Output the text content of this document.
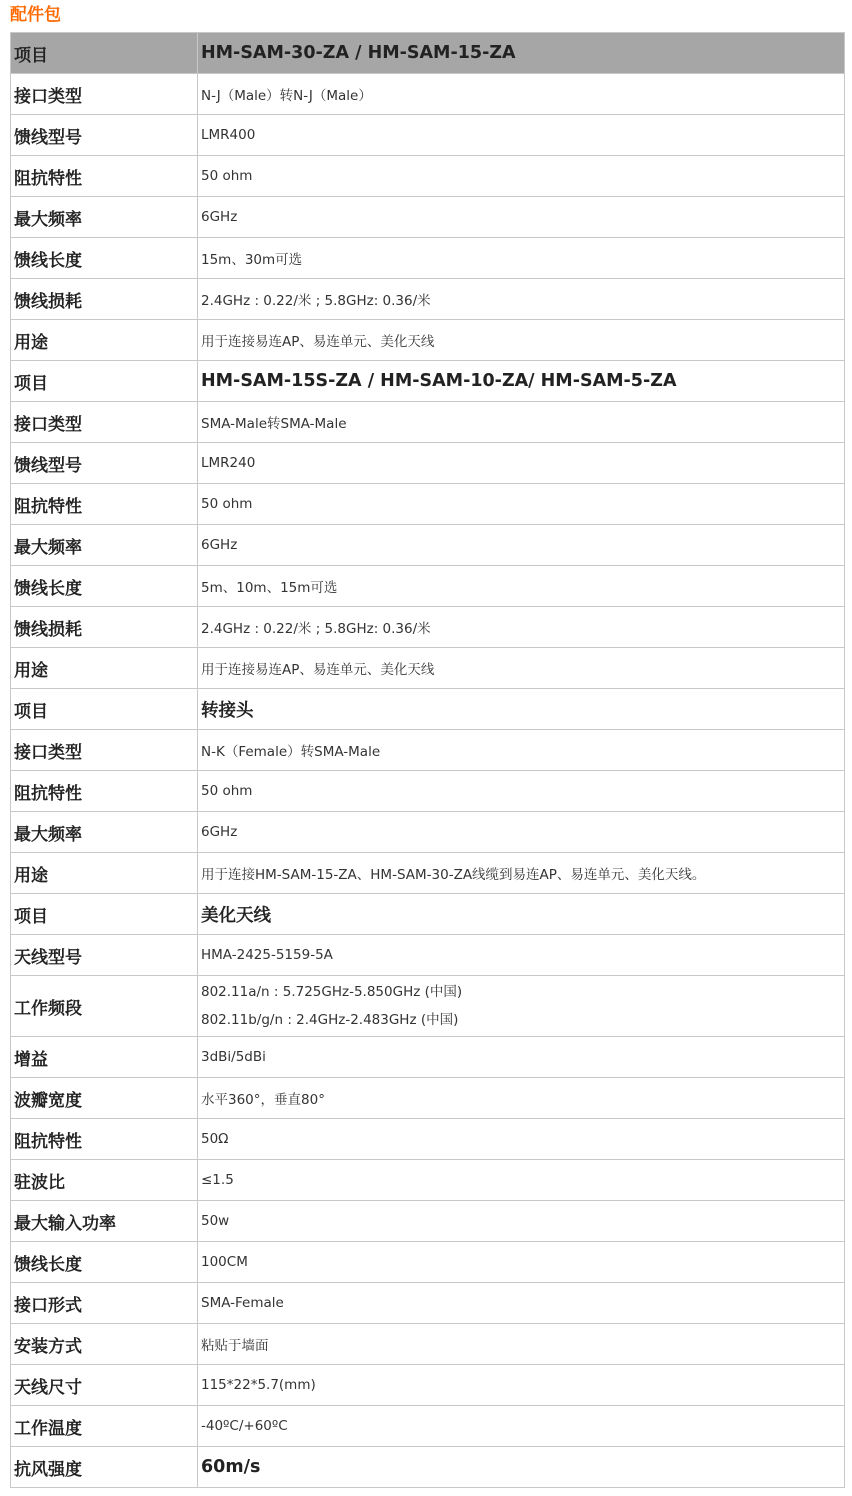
配件包
项目	HM-SAM-30-ZA / HM-SAM-15-ZA
接口类型	N-J（Male）转N-J（Male）
馈线型号	LMR400
阻抗特性	50 ohm
最大频率	6GHz
馈线长度	15m、30m可选
馈线损耗	2.4GHz : 0.22/米 ; 5.8GHz: 0.36/米
用途	用于连接易连AP、易连单元、美化天线
项目	HM-SAM-15S-ZA / HM-SAM-10-ZA/ HM-SAM-5-ZA
接口类型	SMA-Male转SMA-Male
馈线型号	LMR240
阻抗特性	50 ohm
最大频率	6GHz
馈线长度	5m、10m、15m可选
馈线损耗	2.4GHz : 0.22/米 ; 5.8GHz: 0.36/米
用途	用于连接易连AP、易连单元、美化天线
项目	转接头
接口类型	N-K（Female）转SMA-Male
阻抗特性	50 ohm
最大频率	6GHz
用途	用于连接HM-SAM-15-ZA、HM-SAM-30-ZA线缆到易连AP、易连单元、美化天线。
项目	美化天线
天线型号	HMA-2425-5159-5A
工作频段	802.11a/n : 5.725GHz-5.850GHz (中国)
802.11b/g/n : 2.4GHz-2.483GHz (中国)

增益	3dBi/5dBi
波瓣宽度	水平360°，垂直80°
阻抗特性	50Ω
驻波比	≤1.5
最大输入功率	50w
馈线长度	100CM
接口形式	SMA-Female
安装方式	粘贴于墙面
天线尺寸	115*22*5.7(mm)
工作温度	-40ºC/+60ºC
抗风强度	60m/s
